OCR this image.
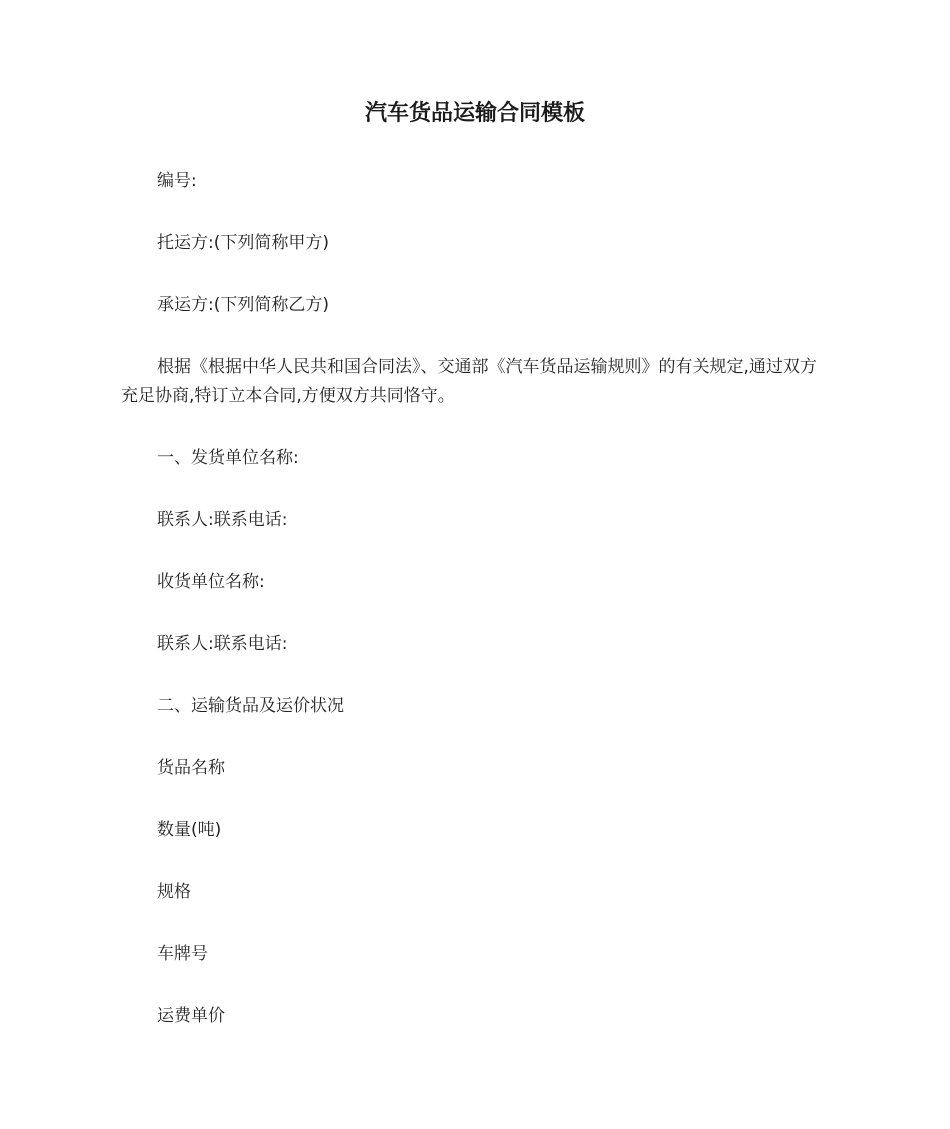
汽车货品运输合同模板

编号:

托运方:(下列简称甲方)

承运方:(下列简称乙方)

根据《根据中华人民共和国合同法》、交通部《汽车货品运输规则》的有关规定,通过双方充足协商,特订立本合同,方便双方共同恪守。

一、发货单位名称:

联系人:联系电话:

收货单位名称:

联系人:联系电话:

二、运输货品及运价状况

货品名称

数量(吨)

规格

车牌号

运费单价
